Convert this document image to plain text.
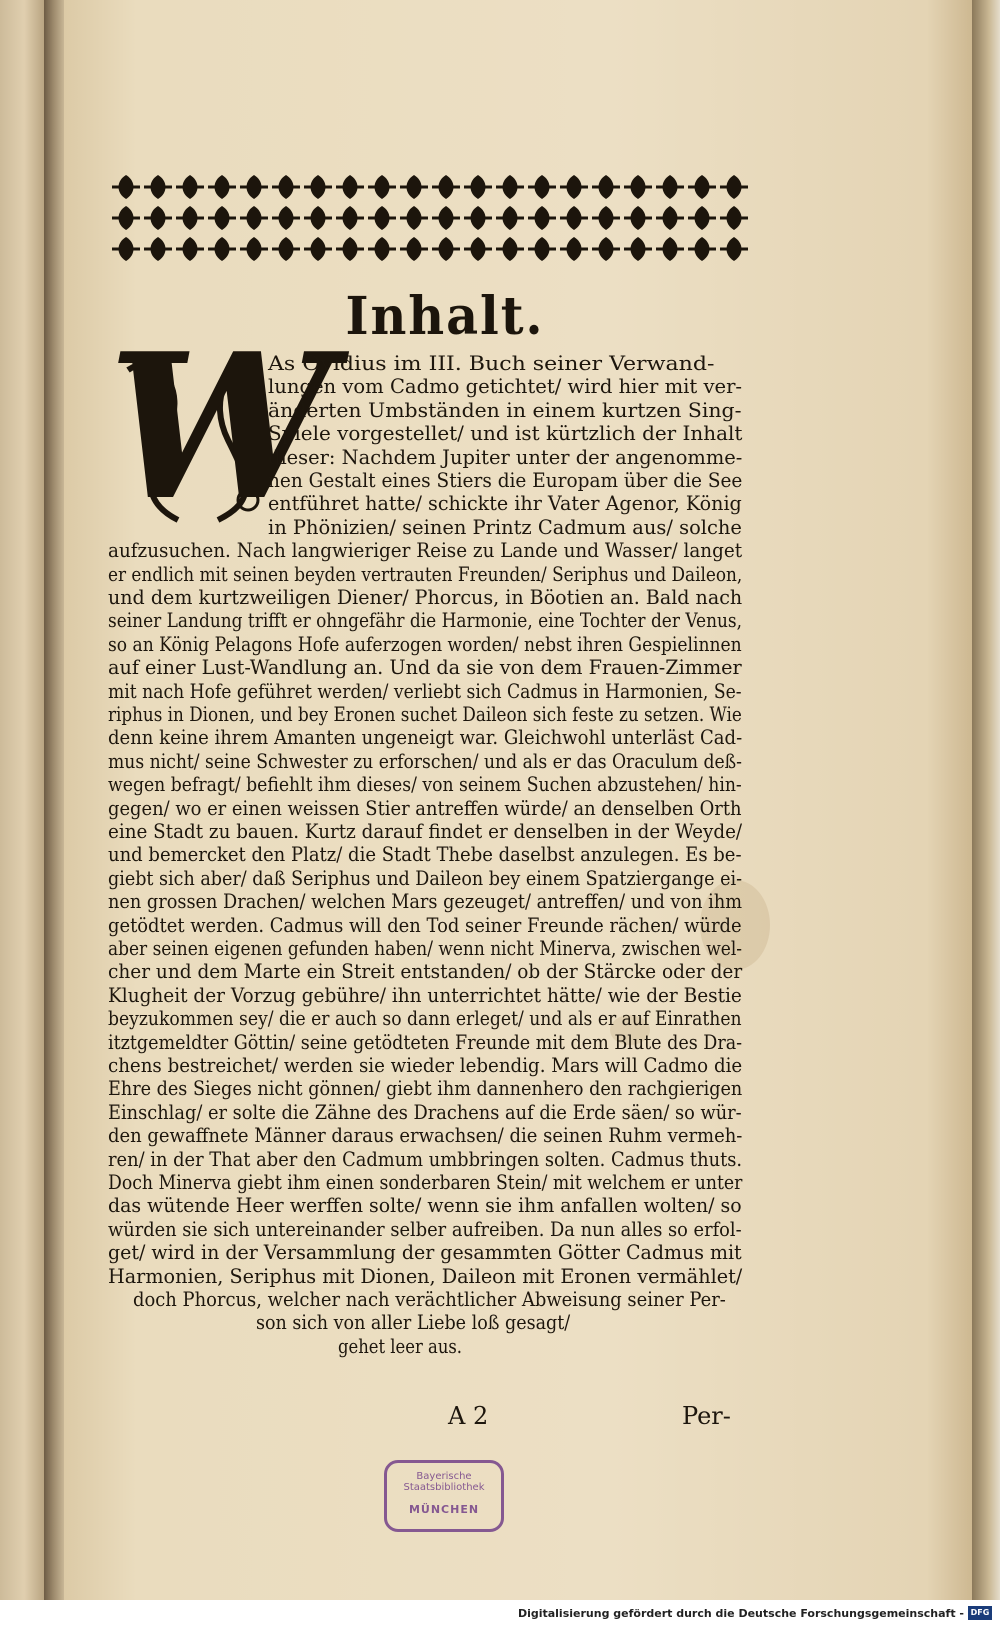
Inhalt.
W
As Ovidius im III. Buch seiner Verwand-
lungen vom Cadmo getichtet/ wird hier mit ver-
änderten Umbständen in einem kurtzen Sing-
Spiele vorgestellet/ und ist kürtzlich der Inhalt
dieser: Nachdem Jupiter unter der angenomme-
nen Gestalt eines Stiers die Europam über die See
entführet hatte/ schickte ihr Vater Agenor, König
in Phönizien/ seinen Printz Cadmum aus/ solche
aufzusuchen. Nach langwieriger Reise zu Lande und Wasser/ langet
er endlich mit seinen beyden vertrauten Freunden/ Seriphus und Daileon,
und dem kurtzweiligen Diener/ Phorcus, in Böotien an. Bald nach
seiner Landung trifft er ohngefähr die Harmonie, eine Tochter der Venus,
so an König Pelagons Hofe auferzogen worden/ nebst ihren Gespielinnen
auf einer Lust-Wandlung an. Und da sie von dem Frauen-Zimmer
mit nach Hofe geführet werden/ verliebt sich Cadmus in Harmonien, Se-
riphus in Dionen, und bey Eronen suchet Daileon sich feste zu setzen. Wie
denn keine ihrem Amanten ungeneigt war. Gleichwohl unterläst Cad-
mus nicht/ seine Schwester zu erforschen/ und als er das Oraculum deß-
wegen befragt/ befiehlt ihm dieses/ von seinem Suchen abzustehen/ hin-
gegen/ wo er einen weissen Stier antreffen würde/ an denselben Orth
eine Stadt zu bauen. Kurtz darauf findet er denselben in der Weyde/
und bemercket den Platz/ die Stadt Thebe daselbst anzulegen. Es be-
giebt sich aber/ daß Seriphus und Daileon bey einem Spatziergange ei-
nen grossen Drachen/ welchen Mars gezeuget/ antreffen/ und von ihm
getödtet werden. Cadmus will den Tod seiner Freunde rächen/ würde
aber seinen eigenen gefunden haben/ wenn nicht Minerva, zwischen wel-
cher und dem Marte ein Streit entstanden/ ob der Stärcke oder der
Klugheit der Vorzug gebühre/ ihn unterrichtet hätte/ wie der Bestie
beyzukommen sey/ die er auch so dann erleget/ und als er auf Einrathen
itztgemeldter Göttin/ seine getödteten Freunde mit dem Blute des Dra-
chens bestreichet/ werden sie wieder lebendig. Mars will Cadmo die
Ehre des Sieges nicht gönnen/ giebt ihm dannenhero den rachgierigen
Einschlag/ er solte die Zähne des Drachens auf die Erde säen/ so wür-
den gewaffnete Männer daraus erwachsen/ die seinen Ruhm vermeh-
ren/ in der That aber den Cadmum umbbringen solten. Cadmus thuts.
Doch Minerva giebt ihm einen sonderbaren Stein/ mit welchem er unter
das wütende Heer werffen solte/ wenn sie ihm anfallen wolten/ so
würden sie sich untereinander selber aufreiben. Da nun alles so erfol-
get/ wird in der Versammlung der gesammten Götter Cadmus mit
Harmonien, Seriphus mit Dionen, Daileon mit Eronen vermählet/
doch Phorcus, welcher nach verächtlicher Abweisung seiner Per-
son sich von aller Liebe loß gesagt/
gehet leer aus.
A 2	Per-
Bayerische
Staatsbibliothek
MÜNCHEN
Digitalisierung gefördert durch die Deutsche Forschungsgemeinschaft - DFG
